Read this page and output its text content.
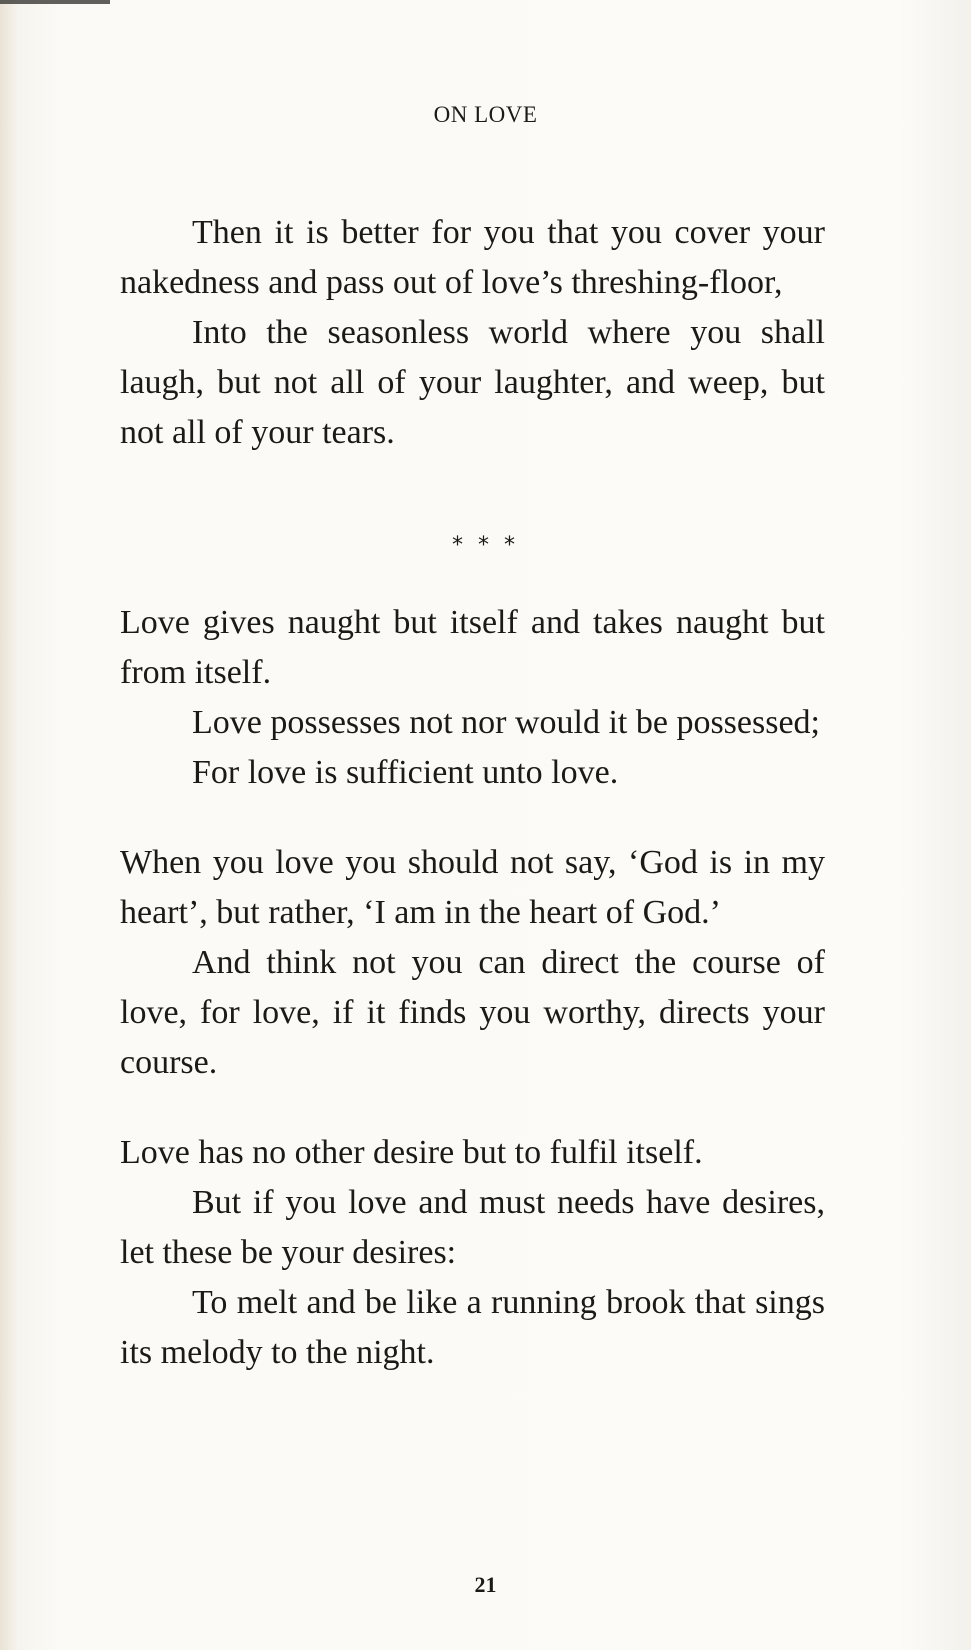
ON LOVE

Then it is better for you that you cover your nakedness and pass out of love’s threshing-floor,

Into the seasonless world where you shall laugh, but not all of your laughter, and weep, but not all of your tears.

* * *

Love gives naught but itself and takes naught but from itself.

Love possesses not nor would it be possessed;

For love is sufficient unto love.

When you love you should not say, ‘God is in my heart’, but rather, ‘I am in the heart of God.’

And think not you can direct the course of love, for love, if it finds you worthy, directs your course.

Love has no other desire but to fulfil itself.

But if you love and must needs have desires, let these be your desires:

To melt and be like a running brook that sings its melody to the night.

21
